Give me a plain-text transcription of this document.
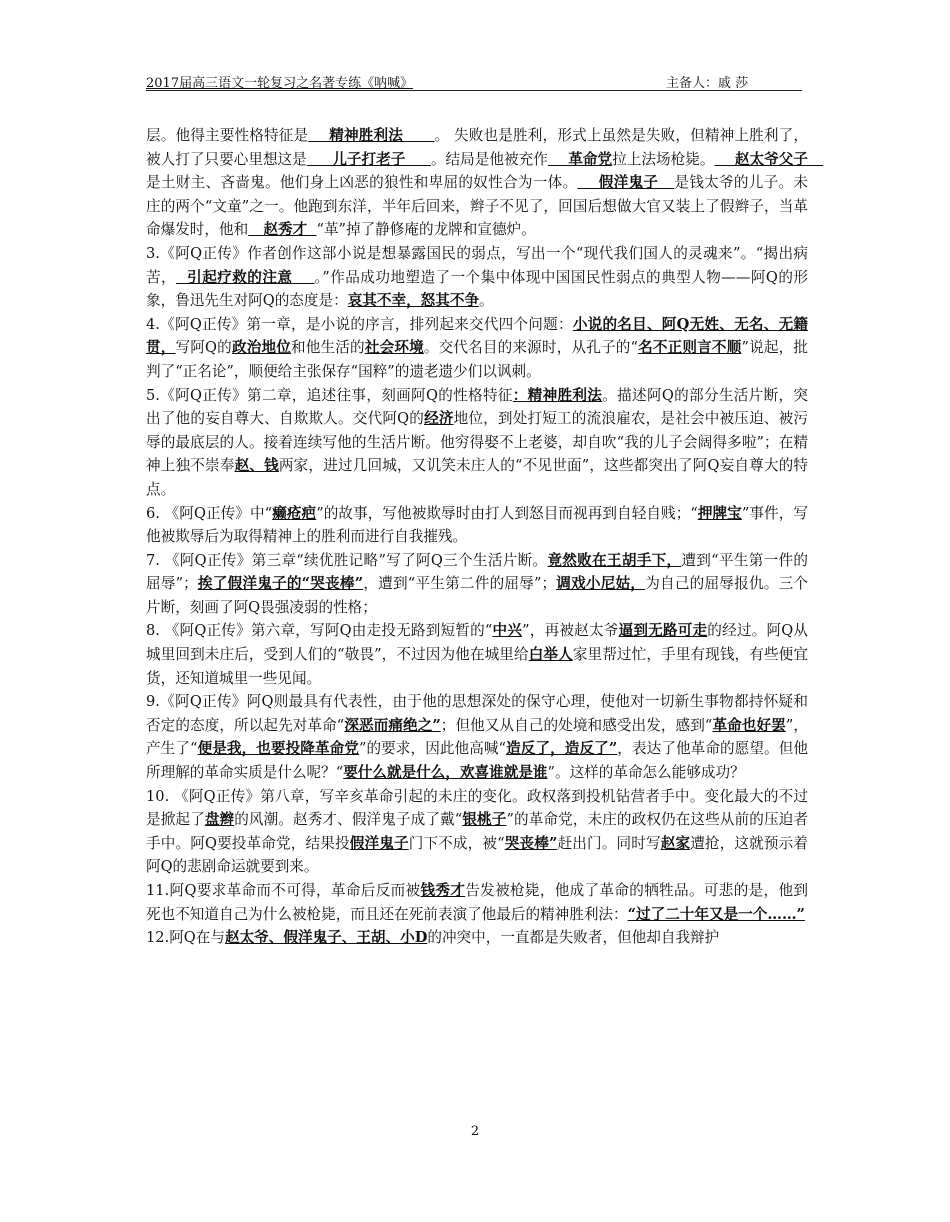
2017届高三语文一轮复习之名著专练《呐喊》	主备人：戚 莎

层。他得主要性格特征是    精神胜利法      。 失败也是胜利，形式上虽然是失败，但精神上胜利了，被人打了只要心里想这是     儿子打老子     。结局是他被充作    革命党拉上法场枪毙。    赵太爷父子   是土财主、吝啬鬼。他们身上凶恶的狼性和卑屈的奴性合为一体。    假洋鬼子   是钱太爷的儿子。未庄的两个“文童”之一。他跑到东洋，半年后回来，辫子不见了，回国后想做大官又装上了假辫子，当革命爆发时，他和   赵秀才 “革”掉了静修庵的龙牌和宣德炉。

3.《阿Q正传》作者创作这部小说是想暴露国民的弱点，写出一个“现代我们国人的灵魂来”。“揭出病苦，  引起疗救的注意    。”作品成功地塑造了一个集中体现中国国民性弱点的典型人物——阿Q的形象，鲁迅先生对阿Q的态度是：哀其不幸，怒其不争。

4.《阿Q正传》第一章，是小说的序言，排列起来交代四个问题：小说的名目、阿Q无姓、无名、无籍贯，写阿Q的政治地位和他生活的社会环境。交代名目的来源时，从孔子的“名不正则言不顺”说起，批判了“正名论”，顺便给主张保存“国粹”的遗老遗少们以讽刺。

5.《阿Q正传》第二章，追述往事，刻画阿Q的性格特征：精神胜利法。描述阿Q的部分生活片断，突出了他的妄自尊大、自欺欺人。交代阿Q的经济地位，到处打短工的流浪雇农，是社会中被压迫、被污辱的最底层的人。接着连续写他的生活片断。他穷得娶不上老婆，却自吹“我的儿子会阔得多啦”；在精神上独不崇奉赵、钱两家，进过几回城，又讥笑未庄人的“不见世面”，这些都突出了阿Q妄自尊大的特点。

6. 《阿Q正传》中“癞疮疤”的故事，写他被欺辱时由打人到怒目而视再到自轻自贱；“押牌宝”事件，写他被欺辱后为取得精神上的胜利而进行自我摧残。

7. 《阿Q正传》第三章“续优胜记略”写了阿Q三个生活片断。竟然败在王胡手下，遭到“平生第一件的屈辱”；挨了假洋鬼子的“哭丧棒”，遭到“平生第二件的屈辱”；调戏小尼姑，为自己的屈辱报仇。三个片断，刻画了阿Q畏强凌弱的性格；

8. 《阿Q正传》第六章，写阿Q由走投无路到短暂的“中兴”，再被赵太爷逼到无路可走的经过。阿Q从城里回到未庄后，受到人们的“敬畏”，不过因为他在城里给白举人家里帮过忙，手里有现钱，有些便宜货，还知道城里一些见闻。

9.《阿Q正传》阿Q则最具有代表性，由于他的思想深处的保守心理，使他对一切新生事物都持怀疑和否定的态度，所以起先对革命“深恶而痛绝之”；但他又从自己的处境和感受出发，感到“革命也好罢”，产生了“便是我，也要投降革命党”的要求，因此他高喊“造反了，造反了”，表达了他革命的愿望。但他所理解的革命实质是什么呢？“要什么就是什么，欢喜谁就是谁”。这样的革命怎么能够成功？

10. 《阿Q正传》第八章，写辛亥革命引起的未庄的变化。政权落到投机钻营者手中。变化最大的不过是掀起了盘辫的风潮。赵秀才、假洋鬼子成了戴“银桃子”的革命党，未庄的政权仍在这些从前的压迫者手中。阿Q要投革命党，结果投假洋鬼子门下不成，被“哭丧棒”赶出门。同时写赵家遭抢，这就预示着阿Q的悲剧命运就要到来。

11.阿Q要求革命而不可得，革命后反而被钱秀才告发被枪毙，他成了革命的牺牲品。可悲的是，他到死也不知道自己为什么被枪毙，而且还在死前表演了他最后的精神胜利法：“过了二十年又是一个……”

12.阿Q在与赵太爷、假洋鬼子、王胡、小D的冲突中，一直都是失败者，但他却自我辩护

2
